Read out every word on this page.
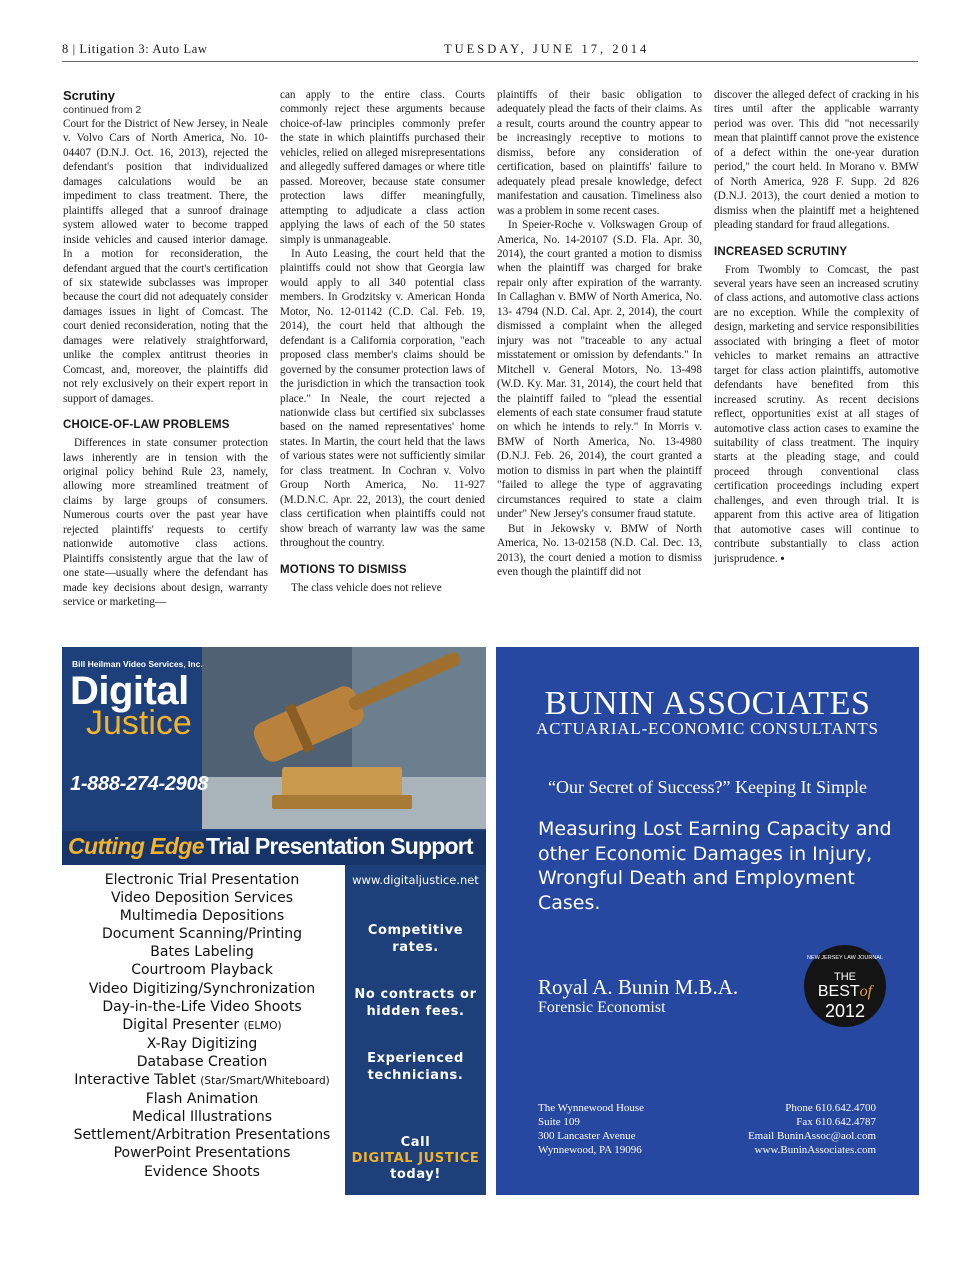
8 | Litigation 3: Auto Law	TUESDAY, JUNE 17, 2014
Scrutiny
continued from 2

Court for the District of New Jersey, in Neale v. Volvo Cars of North America, No. 10-04407 (D.N.J. Oct. 16, 2013), rejected the defendant's position that individualized damages calculations would be an impediment to class treatment. There, the plaintiffs alleged that a sunroof drainage system allowed water to become trapped inside vehicles and caused interior damage. In a motion for reconsideration, the defendant argued that the court's certification of six statewide subclasses was improper because the court did not adequately consider damages issues in light of Comcast. The court denied reconsideration, noting that the damages were relatively straightforward, unlike the complex antitrust theories in Comcast, and, moreover, the plaintiffs did not rely exclusively on their expert report in support of damages.

CHOICE-OF-LAW PROBLEMS

Differences in state consumer protection laws inherently are in tension with the original policy behind Rule 23, namely, allowing more streamlined treatment of claims by large groups of consumers. Numerous courts over the past year have rejected plaintiffs' requests to certify nationwide automotive class actions. Plaintiffs consistently argue that the law of one state—usually where the defendant has made key decisions about design, warranty service or marketing—

can apply to the entire class. Courts commonly reject these arguments because choice-of-law principles commonly prefer the state in which plaintiffs purchased their vehicles, relied on alleged misrepresentations and allegedly suffered damages or where title passed. Moreover, because state consumer protection laws differ meaningfully, attempting to adjudicate a class action applying the laws of each of the 50 states simply is unmanageable.

In Auto Leasing, the court held that the plaintiffs could not show that Georgia law would apply to all 340 potential class members. In Grodzitsky v. American Honda Motor, No. 12-01142 (C.D. Cal. Feb. 19, 2014), the court held that although the defendant is a California corporation, "each proposed class member's claims should be governed by the consumer protection laws of the jurisdiction in which the transaction took place." In Neale, the court rejected a nationwide class but certified six subclasses based on the named representatives' home states. In Martin, the court held that the laws of various states were not sufficiently similar for class treatment. In Cochran v. Volvo Group North America, No. 11-927 (M.D.N.C. Apr. 22, 2013), the court denied class certification when plaintiffs could not show breach of warranty law was the same throughout the country.

MOTIONS TO DISMISS

The class vehicle does not relieve

plaintiffs of their basic obligation to adequately plead the facts of their claims. As a result, courts around the country appear to be increasingly receptive to motions to dismiss, before any consideration of certification, based on plaintiffs' failure to adequately plead presale knowledge, defect manifestation and causation. Timeliness also was a problem in some recent cases.

In Speier-Roche v. Volkswagen Group of America, No. 14-20107 (S.D. Fla. Apr. 30, 2014), the court granted a motion to dismiss when the plaintiff was charged for brake repair only after expiration of the warranty. In Callaghan v. BMW of North America, No. 13- 4794 (N.D. Cal. Apr. 2, 2014), the court dismissed a complaint when the alleged injury was not "traceable to any actual misstatement or omission by defendants." In Mitchell v. General Motors, No. 13-498 (W.D. Ky. Mar. 31, 2014), the court held that the plaintiff failed to "plead the essential elements of each state consumer fraud statute on which he intends to rely." In Morris v. BMW of North America, No. 13-4980 (D.N.J. Feb. 26, 2014), the court granted a motion to dismiss in part when the plaintiff "failed to allege the type of aggravating circumstances required to state a claim under" New Jersey's consumer fraud statute.

But in Jekowsky v. BMW of North America, No. 13-02158 (N.D. Cal. Dec. 13, 2013), the court denied a motion to dismiss even though the plaintiff did not

discover the alleged defect of cracking in his tires until after the applicable warranty period was over. This did "not necessarily mean that plaintiff cannot prove the existence of a defect within the one-year duration period," the court held. In Morano v. BMW of North America, 928 F. Supp. 2d 826 (D.N.J. 2013), the court denied a motion to dismiss when the plaintiff met a heightened pleading standard for fraud allegations.

INCREASED SCRUTINY

From Twombly to Comcast, the past several years have seen an increased scrutiny of class actions, and automotive class actions are no exception. While the complexity of design, marketing and service responsibilities associated with bringing a fleet of motor vehicles to market remains an attractive target for class action plaintiffs, automotive defendants have benefited from this increased scrutiny. As recent decisions reflect, opportunities exist at all stages of automotive class action cases to examine the suitability of class treatment. The inquiry starts at the pleading stage, and could proceed through conventional class certification proceedings including expert challenges, and even through trial. It is apparent from this active area of litigation that automotive cases will continue to contribute substantially to class action jurisprudence. •

Bill Heilman Video Services, Inc.
Digital
Justice
1-888-274-2908
Cutting Edge Trial Presentation Support
Electronic Trial Presentation
Video Deposition Services
Multimedia Depositions
Document Scanning/Printing
Bates Labeling
Courtroom Playback
Video Digitizing/Synchronization
Day-in-the-Life Video Shoots
Digital Presenter (ELMO)
X-Ray Digitizing
Database Creation
Interactive Tablet (Star/Smart/Whiteboard)
Flash Animation
Medical Illustrations
Settlement/Arbitration Presentations
PowerPoint Presentations
Evidence Shoots
www.digitaljustice.net
Competitive rates.
No contracts or hidden fees.
Experienced technicians.
Call
DIGITAL JUSTICE
today!
BUNIN ASSOCIATES
ACTUARIAL-ECONOMIC CONSULTANTS
“Our Secret of Success?” Keeping It Simple
Measuring Lost Earning Capacity and other Economic Damages in Injury, Wrongful Death and Employment Cases.
Royal A. Bunin M.B.A.
Forensic Economist
NEW JERSEY LAW JOURNAL
THE
BESTof
2012
The Wynnewood House
Suite 109
300 Lancaster Avenue
Wynnewood, PA 19096
Phone 610.642.4700
Fax 610.642.4787
Email BuninAssoc@aol.com
www.BuninAssociates.com
